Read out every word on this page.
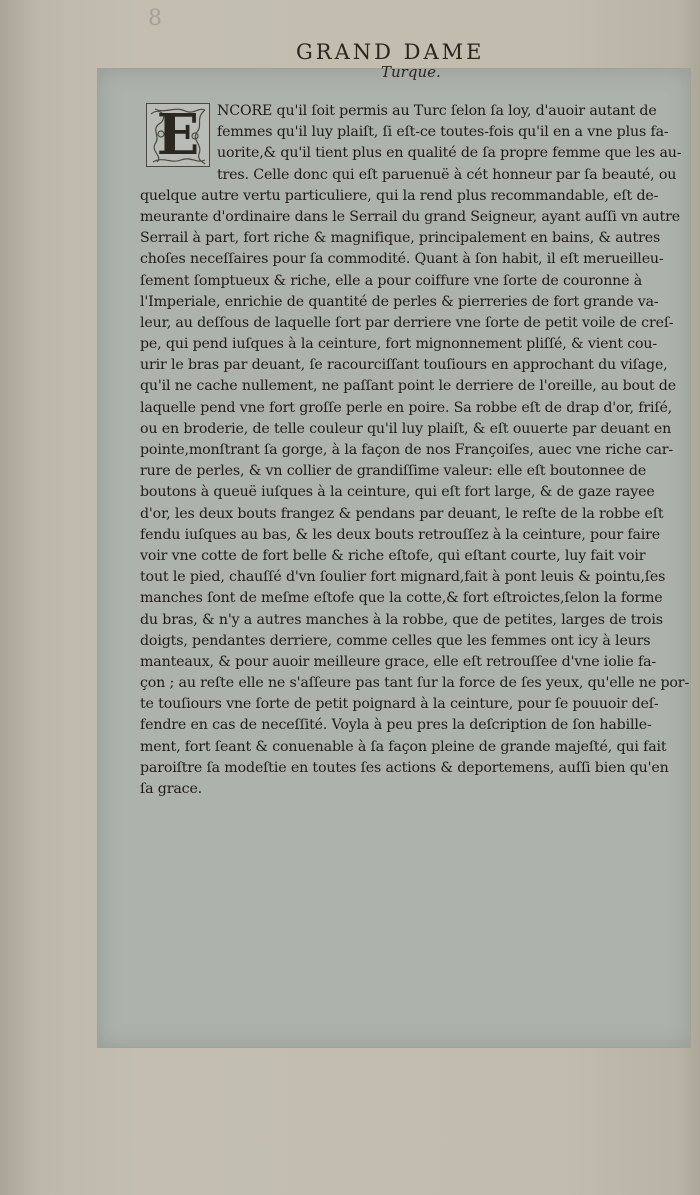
8
GRAND DAME
Turque.
E	NCORE qu'il ſoit permis au Turc ſelon ſa loy, d'auoir autant de
femmes qu'il luy plaiſt, ſi eſt-ce toutes-fois qu'il en a vne plus fa-
uorite,& qu'il tient plus en qualité de ſa propre femme que les au-
tres. Celle donc qui eſt paruenuë à cét honneur par ſa beauté, ou
quelque autre vertu particuliere, qui la rend plus recommandable, eſt de-
meurante d'ordinaire dans le Serrail du grand Seigneur, ayant auſſi vn autre
Serrail à part, fort riche & magnifique, principalement en bains, & autres
choſes neceſſaires pour ſa commodité. Quant à ſon habit, il eſt merueilleu-
ſement ſomptueux & riche, elle a pour coiffure vne ſorte de couronne à
l'Imperiale, enrichie de quantité de perles & pierreries de fort grande va-
leur, au deſſous de laquelle ſort par derriere vne ſorte de petit voile de creſ-
pe, qui pend iuſques à la ceinture, fort mignonnement pliſſé, & vient cou-
urir le bras par deuant, ſe racourciſſant touſiours en approchant du viſage,
qu'il ne cache nullement, ne paſſant point le derriere de l'oreille, au bout de
laquelle pend vne fort groſſe perle en poire. Sa robbe eſt de drap d'or, friſé,
ou en broderie, de telle couleur qu'il luy plaiſt, & eſt ouuerte par deuant en
pointe,monſtrant ſa gorge, à la façon de nos Françoiſes, auec vne riche car-
rure de perles, & vn collier de grandiſſime valeur: elle eſt boutonnee de
boutons à queuë iuſques à la ceinture, qui eſt fort large, & de gaze rayee
d'or, les deux bouts frangez & pendans par deuant, le reſte de la robbe eſt
fendu iuſques au bas, & les deux bouts retrouſſez à la ceinture, pour faire
voir vne cotte de fort belle & riche eſtofe, qui eſtant courte, luy fait voir
tout le pied, chauſſé d'vn ſoulier fort mignard,fait à pont leuis & pointu,ſes
manches ſont de meſme eſtofe que la cotte,& fort eſtroictes,ſelon la forme
du bras, & n'y a autres manches à la robbe, que de petites, larges de trois
doigts, pendantes derriere, comme celles que les femmes ont icy à leurs
manteaux, & pour auoir meilleure grace, elle eſt retrouſſee d'vne iolie fa-
çon ; au reſte elle ne s'aſſeure pas tant ſur la force de ſes yeux, qu'elle ne por-
te touſiours vne ſorte de petit poignard à la ceinture, pour ſe pouuoir deſ-
fendre en cas de neceſſité. Voyla à peu pres la deſcription de ſon habille-
ment, fort ſeant & conuenable à ſa façon pleine de grande majeſté, qui fait
paroiſtre ſa modeſtie en toutes ſes actions & deportemens, auſſi bien qu'en
ſa grace.
